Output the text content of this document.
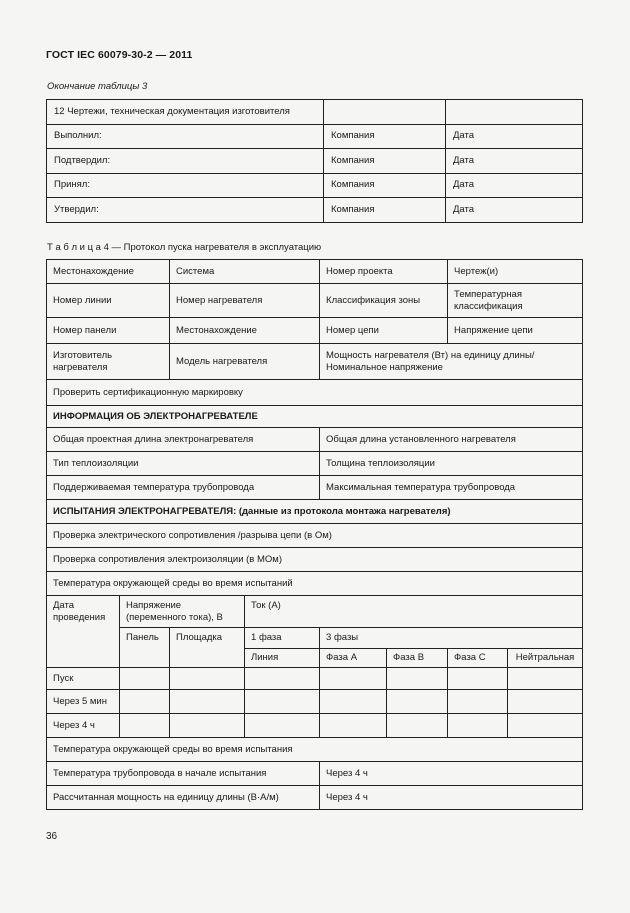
ГОСТ IEC 60079-30-2 — 2011
Окончание таблицы 3
12 Чертежи, техническая документация изготовителя		
Выполнил:	Компания	Дата
Подтвердил:	Компания	Дата
Принял:	Компания	Дата
Утвердил:	Компания	Дата
Т а б л и ц а 4 — Протокол пуска нагревателя в эксплуатацию
Местонахождение		Система		Номер проекта		Чертеж(и)	
Номер линии		Номер нагревателя		Классификация зоны		Температурная классификация	
Номер панели		Местонахождение		Номер цепи		Напряжение цепи	
Изготовитель нагревателя		Модель нагревателя		Мощность нагревателя (Вт) на единицу длины/ Номинальное напряжение			
Проверить сертификационную маркировку							
ИНФОРМАЦИЯ ОБ ЭЛЕКТРОНАГРЕВАТЕЛЕ							
Общая проектная длина электронагревателя				Общая длина установленного нагревателя			
Тип теплоизоляции				Толщина теплоизоляции			
Поддерживаемая температура трубопровода				Максимальная температура трубопровода			
ИСПЫТАНИЯ ЭЛЕКТРОНАГРЕВАТЕЛЯ: (данные из протокола монтажа нагревателя)							
Проверка электрического сопротивления /разрыва цепи (в Ом)							
Проверка сопротивления электроизоляции (в МОм)							
Температура окружающей среды во время испытаний							
Дата проведения	Напряжение (переменного тока), В		Ток (А)				
	Панель	Площадка	1 фаза	3 фазы			
			Линия	Фаза А	Фаза В	Фаза С	Нейтральная
Пуск							
Через 5 мин							
Через 4 ч							
Температура окружающей среды во время испытания							
Температура трубопровода в начале испытания				Через 4 ч			
Рассчитанная мощность на единицу длины (В·А/м)				Через 4 ч			
36
